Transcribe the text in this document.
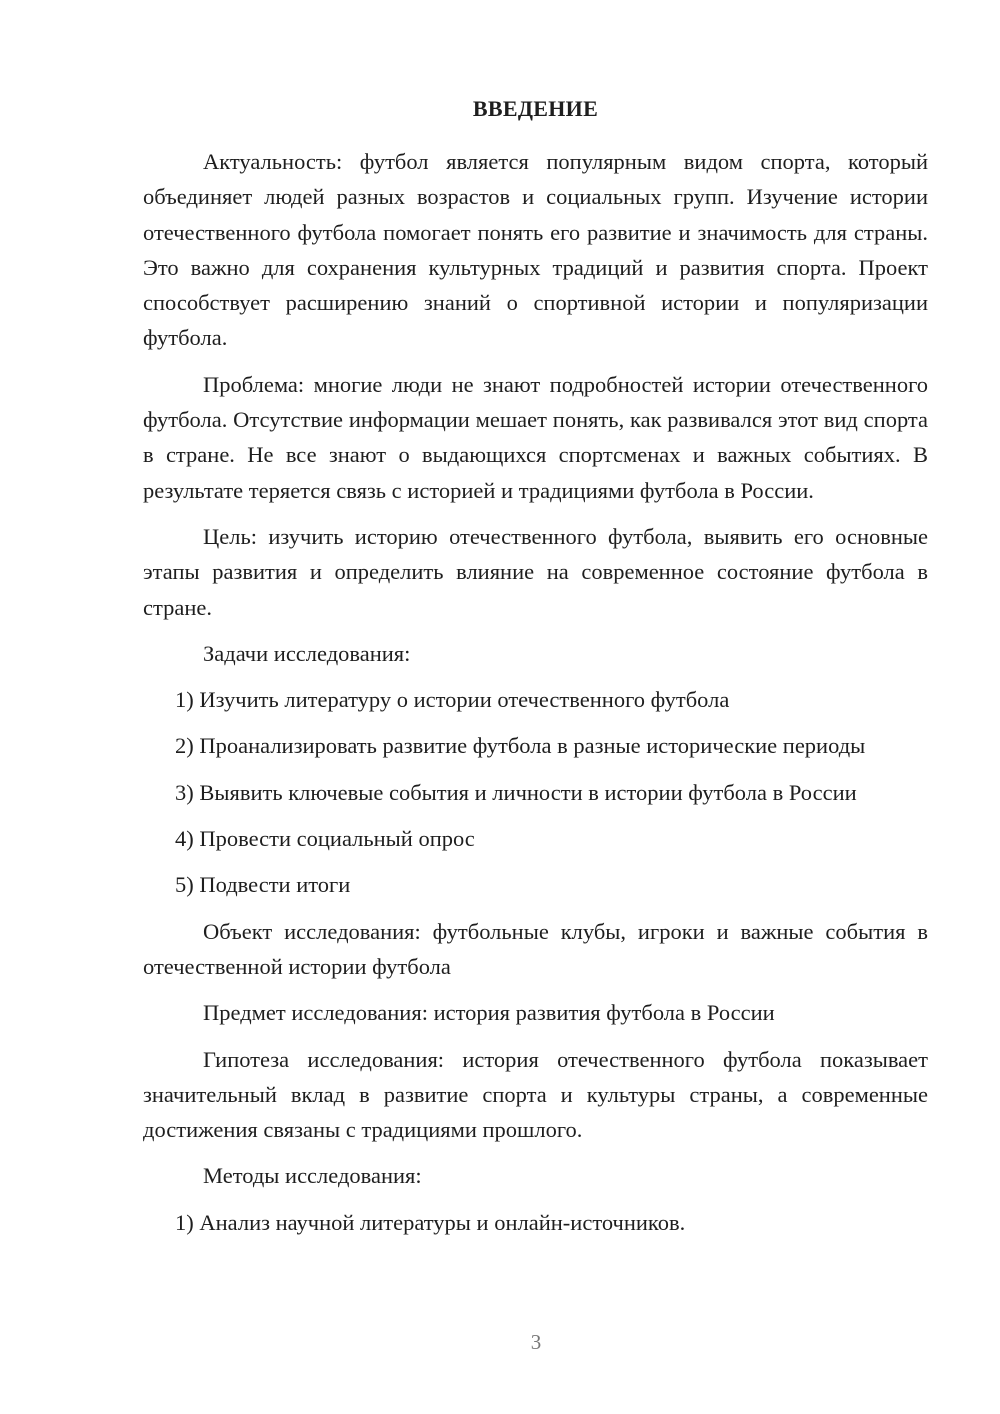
ВВЕДЕНИЕ
Актуальность: футбол является популярным видом спорта, который объединяет людей разных возрастов и социальных групп. Изучение истории отечественного футбола помогает понять его развитие и значимость для страны. Это важно для сохранения культурных традиций и развития спорта. Проект способствует расширению знаний о спортивной истории и популяризации футбола.
Проблема: многие люди не знают подробностей истории отечественного футбола. Отсутствие информации мешает понять, как развивался этот вид спорта в стране. Не все знают о выдающихся спортсменах и важных событиях. В результате теряется связь с историей и традициями футбола в России.
Цель: изучить историю отечественного футбола, выявить его основные этапы развития и определить влияние на современное состояние футбола в стране.
Задачи исследования:
1) Изучить литературу о истории отечественного футбола
2) Проанализировать развитие футбола в разные исторические периоды
3) Выявить ключевые события и личности в истории футбола в России
4) Провести социальный опрос
5) Подвести итоги
Объект исследования: футбольные клубы, игроки и важные события в отечественной истории футбола
Предмет исследования: история развития футбола в России
Гипотеза исследования: история отечественного футбола показывает значительный вклад в развитие спорта и культуры страны, а современные достижения связаны с традициями прошлого.
Методы исследования:
1) Анализ научной литературы и онлайн-источников.
3
